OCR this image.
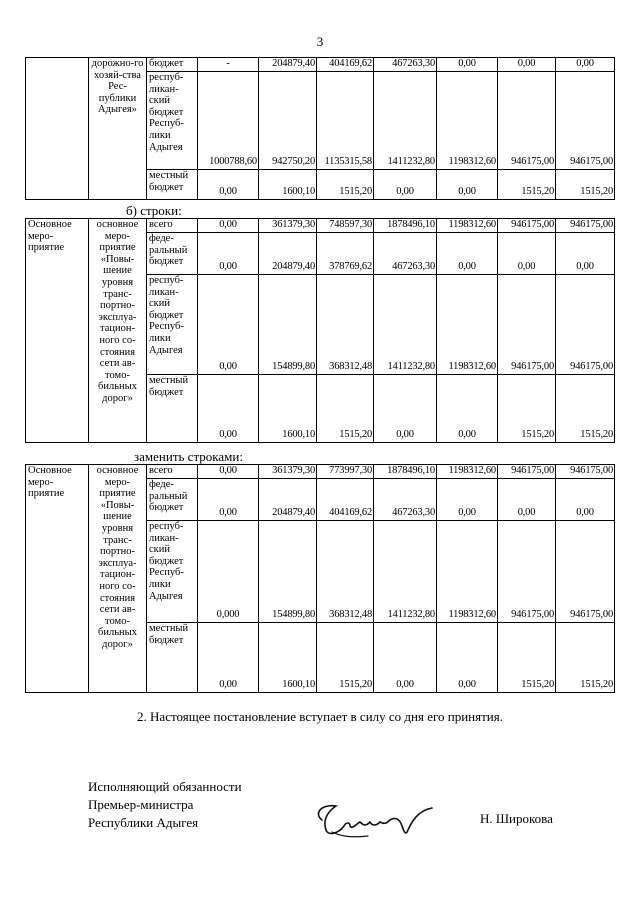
3
	дорожно-го хозяй-ства Рес-публики Адыгея»	бюджет	-	204879,40	404169,62	467263,30	0,00	0,00	0,00
		респуб-ликан-ский бюджет Респуб-лики Адыгея	1000788,60	942750,20	1135315,58	1411232,80	1198312,60	946175,00	946175,00
		местный бюджет	0,00	1600,10	1515,20	0,00	0,00	1515,20	1515,20
б) строки:
Основное меро-приятие	основное меро-приятие «Повы-шение уровня транс-портно-эксплуа-тацион-ного со-стояния сети ав-томо-бильных дорог»	всего	0,00	361379,30	748597,30	1878496,10	1198312,60	946175,00	946175,00
		феде-ральный бюджет	0,00	204879,40	378769,62	467263,30	0,00	0,00	0,00
		респуб-ликан-ский бюджет Респуб-лики Адыгея	0,00	154899,80	368312,48	1411232,80	1198312,60	946175,00	946175,00
		местный бюджет	0,00	1600,10	1515,20	0,00	0,00	1515,20	1515,20
заменить строками:
Основное меро-приятие	основное меро-приятие «Повы-шение уровня транс-портно-эксплуа-тацион-ного со-стояния сети ав-томо-бильных дорог»	всего	0,00	361379,30	773997,30	1878496,10	1198312,60	946175,00	946175,00
		феде-ральный бюджет	0,00	204879,40	404169,62	467263,30	0,00	0,00	0,00
		респуб-ликан-ский бюджет Респуб-лики Адыгея	0,000	154899,80	368312,48	1411232,80	1198312,60	946175,00	946175,00
		местный бюджет	0,00	1600,10	1515,20	0,00	0,00	1515,20	1515,20
2. Настоящее постановление вступает в силу со дня его принятия.
Исполняющий обязанности
Премьер-министра
Республики Адыгея	Н. Широкова
